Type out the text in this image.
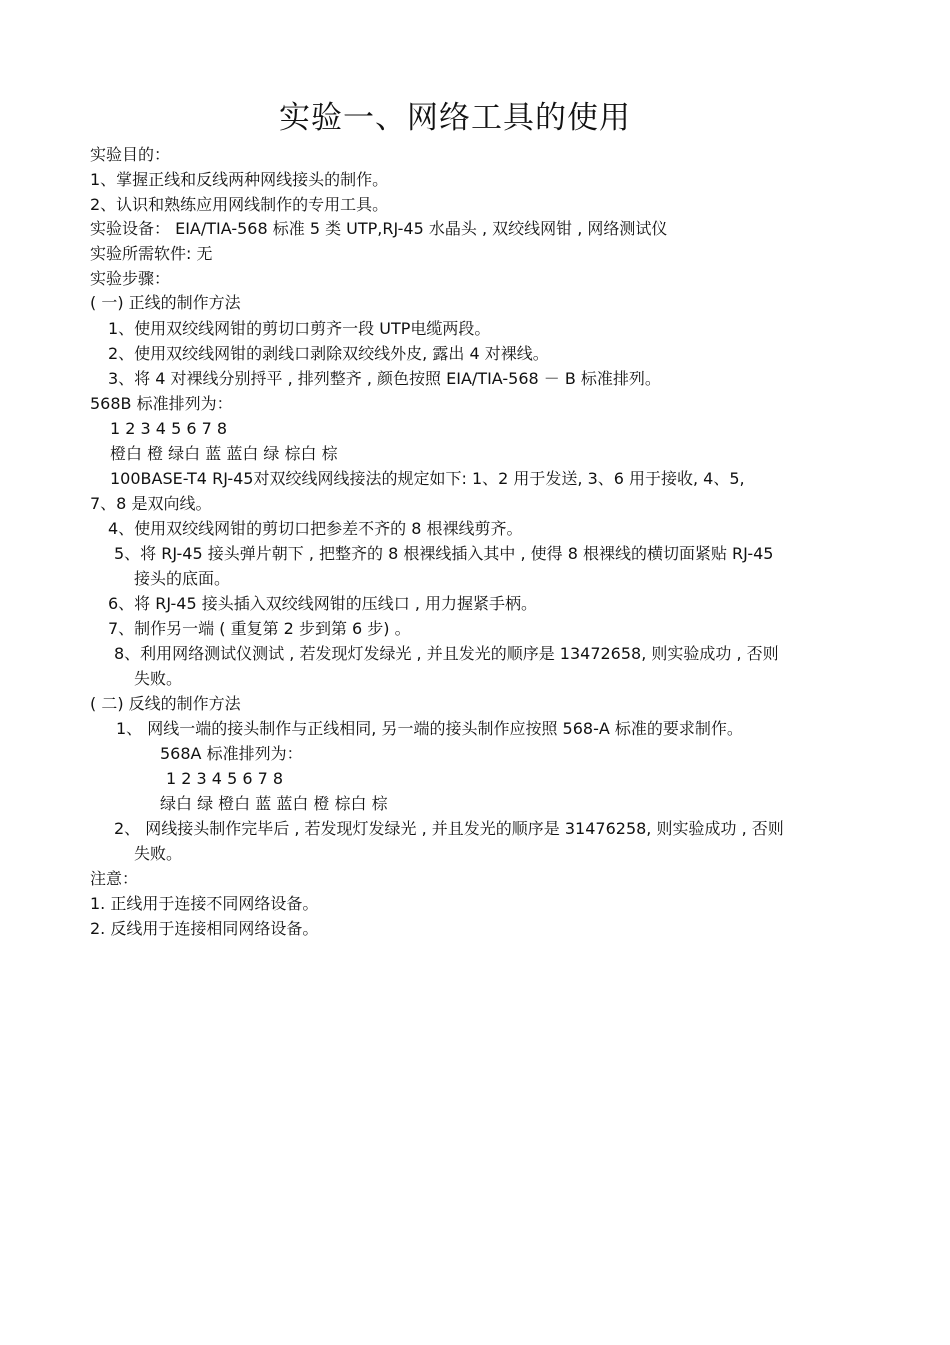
实验一、网络工具的使用
实验目的：
1、掌握正线和反线两种网线接头的制作。
2、认识和熟练应用网线制作的专用工具。
实验设备： EIA/TIA-568 标准 5 类 UTP,RJ-45 水晶头 , 双绞线网钳 , 网络测试仪
实验所需软件: 无
实验步骤：
( 一) 正线的制作方法
1、使用双绞线网钳的剪切口剪齐一段 UTP电缆两段。
2、使用双绞线网钳的剥线口剥除双绞线外皮, 露出 4 对裸线。
3、将 4 对裸线分别捋平 , 排列整齐 , 颜色按照 EIA/TIA-568 － B 标准排列。
568B 标准排列为：
1 2 3 4 5 6 7 8
橙白 橙 绿白 蓝 蓝白 绿 棕白 棕
100BASE-T4 RJ-45对双绞线网线接法的规定如下: 1、2 用于发送, 3、6 用于接收, 4、5,
7、8 是双向线。
4、使用双绞线网钳的剪切口把参差不齐的 8 根裸线剪齐。
5、将 RJ-45 接头弹片朝下 , 把整齐的 8 根裸线插入其中 , 使得 8 根裸线的横切面紧贴 RJ-45
接头的底面。
6、将 RJ-45 接头插入双绞线网钳的压线口 , 用力握紧手柄。
7、制作另一端 ( 重复第 2 步到第 6 步) 。
8、利用网络测试仪测试 , 若发现灯发绿光 , 并且发光的顺序是 13472658, 则实验成功 , 否则
失败。
( 二) 反线的制作方法
1、 网线一端的接头制作与正线相同, 另一端的接头制作应按照 568-A 标准的要求制作。
568A 标准排列为：
1 2 3 4 5 6 7 8
绿白 绿 橙白 蓝 蓝白 橙 棕白 棕
2、 网线接头制作完毕后 , 若发现灯发绿光 , 并且发光的顺序是 31476258, 则实验成功 , 否则
失败。
注意：
1. 正线用于连接不同网络设备。
2. 反线用于连接相同网络设备。
